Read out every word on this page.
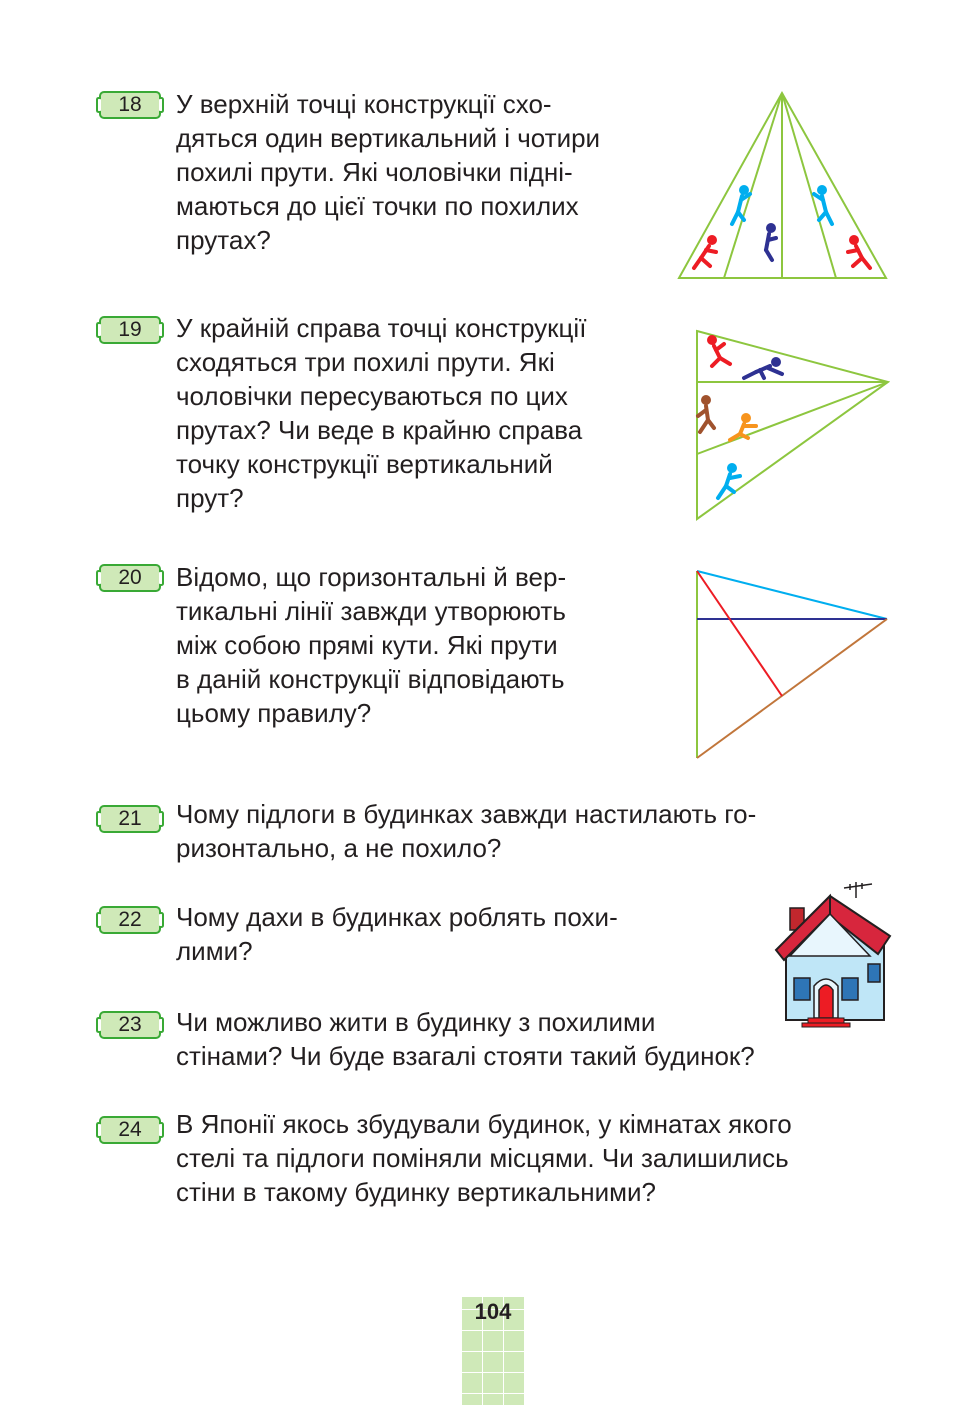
18	У верхній точці конструкції схо-
дяться один вертикальний і чотири
похилі прути. Які чоловічки підні-
маються до цієї точки по похилих
прутах?
19	У крайній справа точці конструкції
сходяться три похилі прути. Які
чоловічки пересуваються по цих
прутах? Чи веде в крайню справа
точку конструкції вертикальний
прут?
20	Відомо, що горизонтальні й вер-
тикальні лінії завжди утворюють
між собою прямі кути. Які прути
в даній конструкції відповідають
цьому правилу?
21	Чому підлоги в будинках завжди настилають го-
ризонтально, а не похило?
22	Чому дахи в будинках роблять похи-
лими?
23	Чи можливо жити в будинку з похилими
стінами? Чи буде взагалі стояти такий будинок?
24	В Японії якось збудували будинок, у кімнатах якого
стелі та підлоги поміняли місцями. Чи залишились
стіни в такому будинку вертикальними?
104
